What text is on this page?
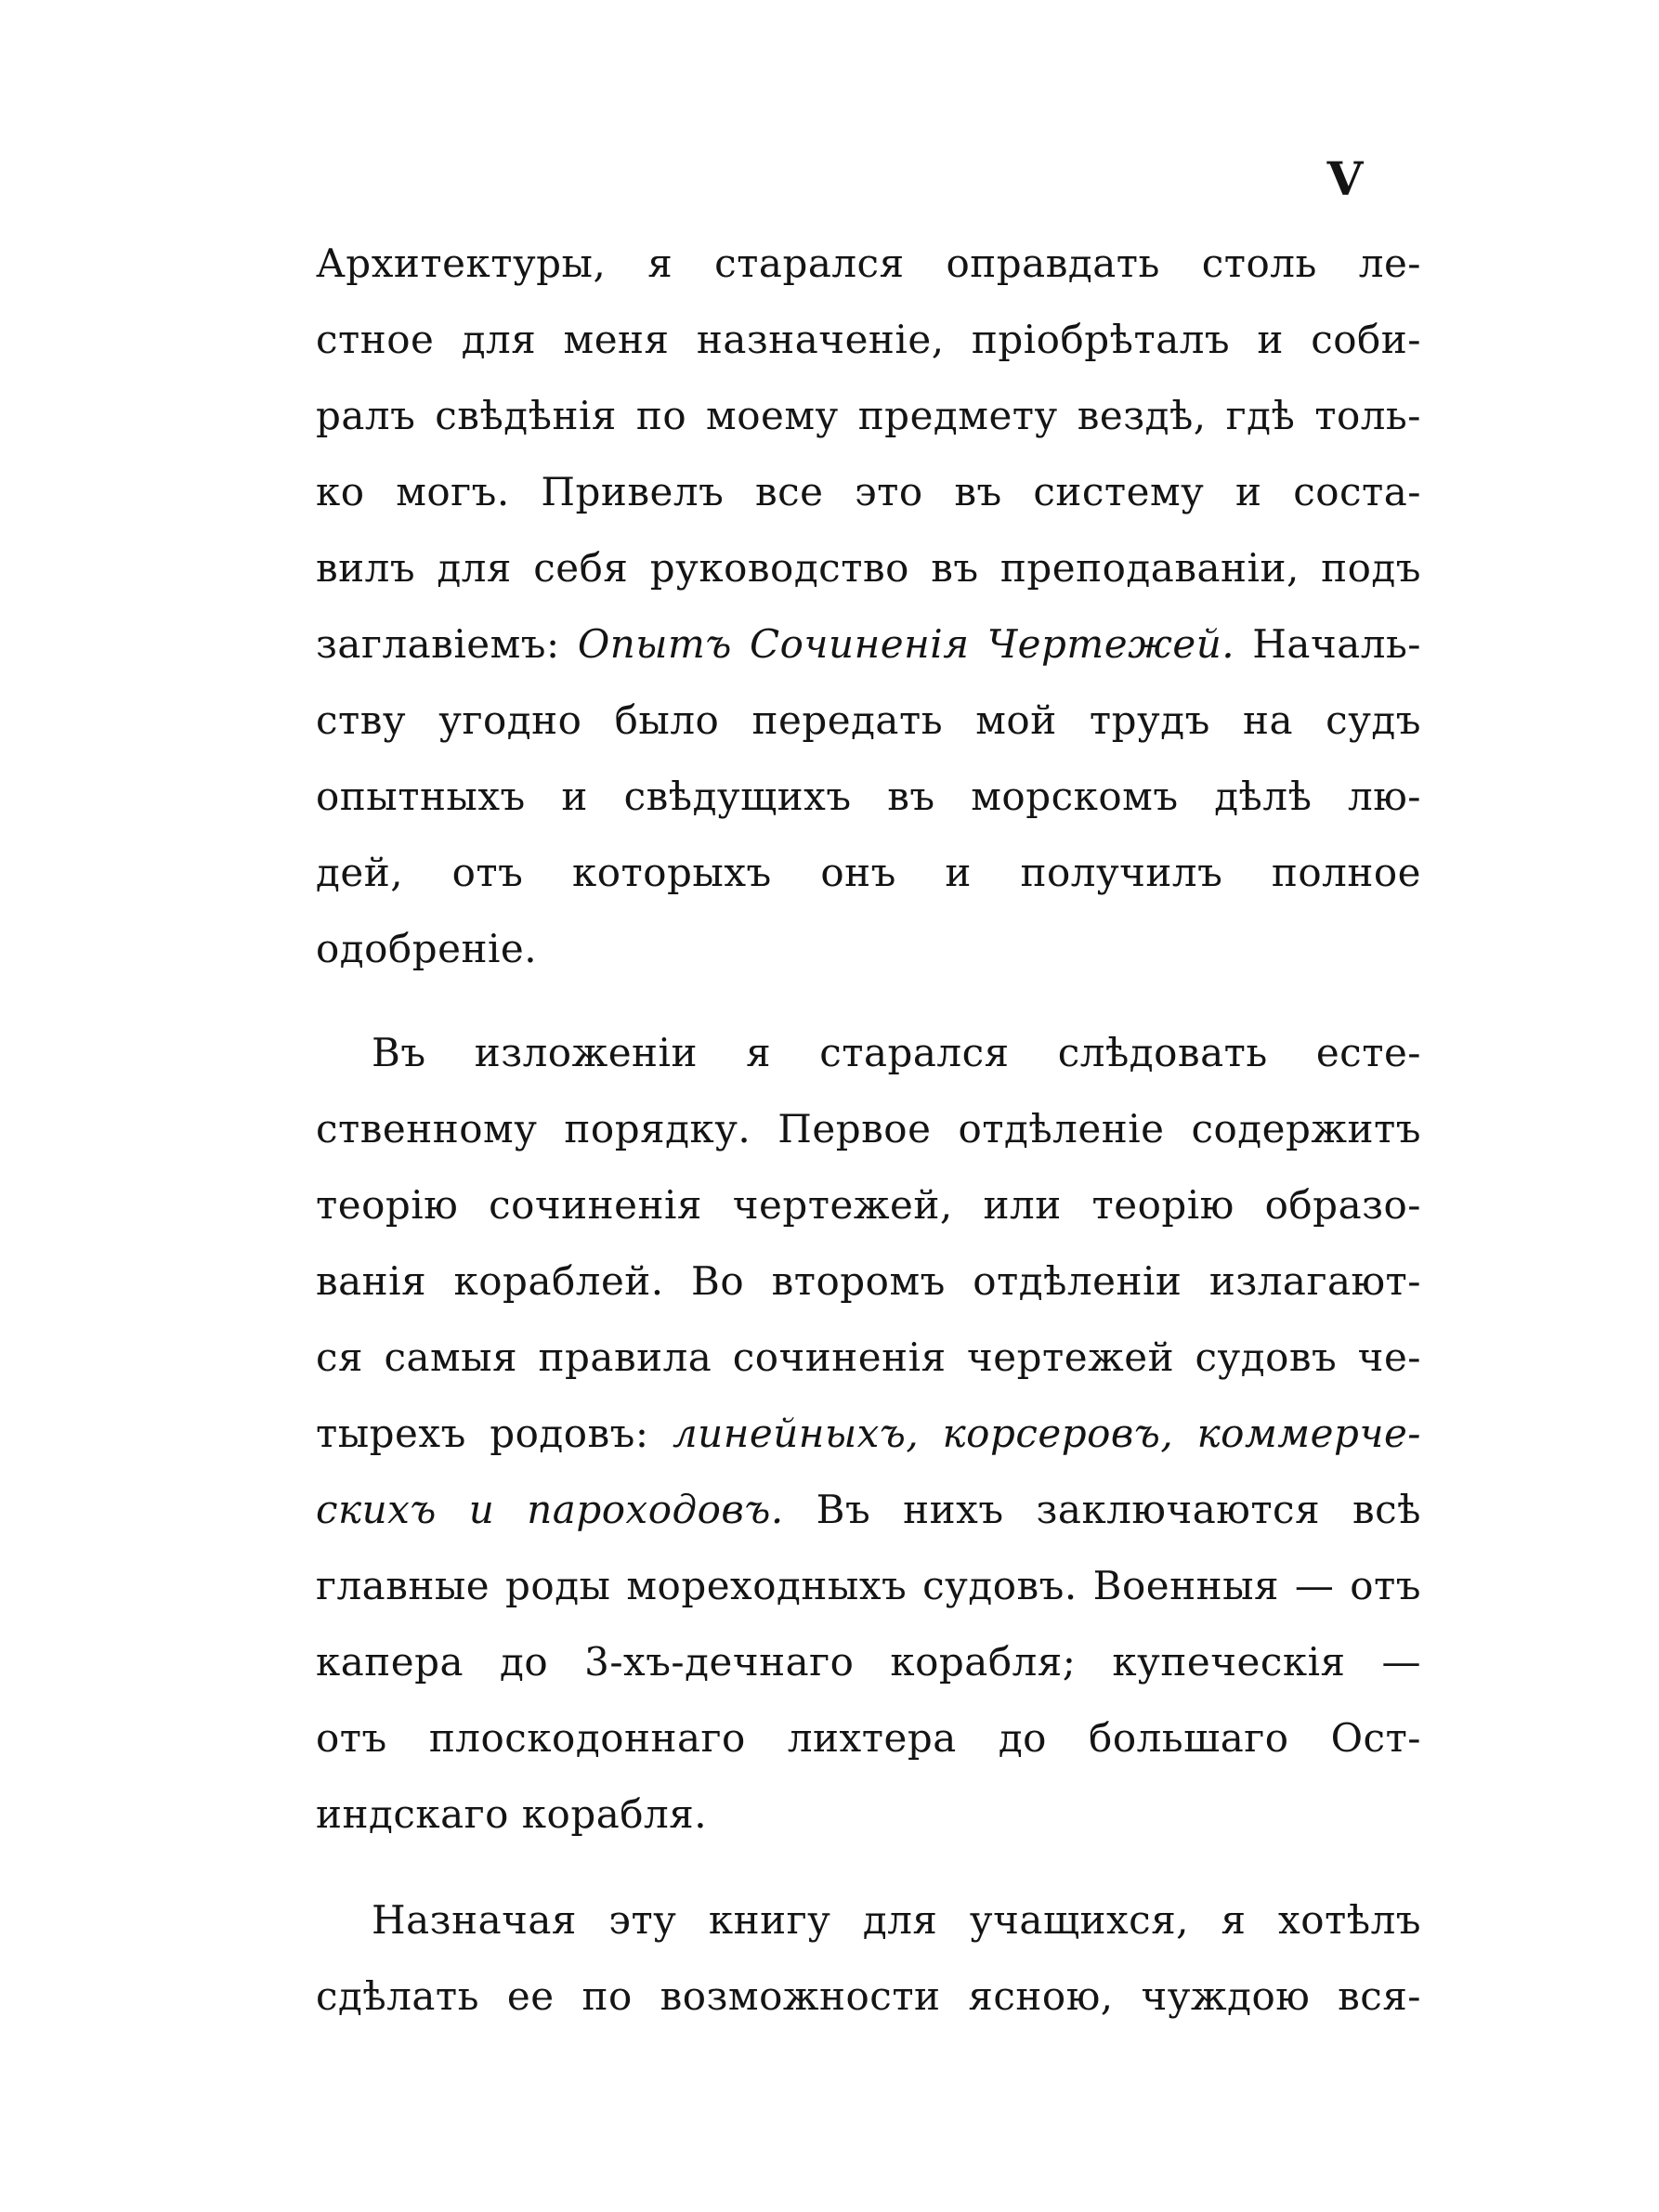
V
Архитектуры, я старался оправдать столь ле-
стное для меня назначеніе, пріобрѣталъ и соби-
ралъ свѣдѣнія по моему предмету вездѣ, гдѣ толь-
ко могъ. Привелъ все это въ систему и соста-
вилъ для себя руководство въ преподаваніи, подъ
заглавіемъ: Опытъ Сочиненія Чертежей. Началь-
ству угодно было передать мой трудъ на судъ
опытныхъ и свѣдущихъ въ морскомъ дѣлѣ лю-
дей, отъ которыхъ онъ и получилъ полное
одобреніе.
Въ изложеніи я старался слѣдовать есте-
ственному порядку. Первое отдѣленіе содержитъ
теорію сочиненія чертежей, или теорію образо-
ванія кораблей. Во второмъ отдѣленіи излагают-
ся самыя правила сочиненія чертежей судовъ че-
тырехъ родовъ: линейныхъ, корсеровъ, коммерче-
скихъ и пароходовъ. Въ нихъ заключаются всѣ
главные роды мореходныхъ судовъ. Военныя — отъ
капера до 3-хъ-дечнаго корабля; купеческія —
отъ плоскодоннаго лихтера до большаго Ост-
индскаго корабля.
Назначая эту книгу для учащихся, я хотѣлъ
сдѣлать ее по возможности ясною, чуждою вся-
